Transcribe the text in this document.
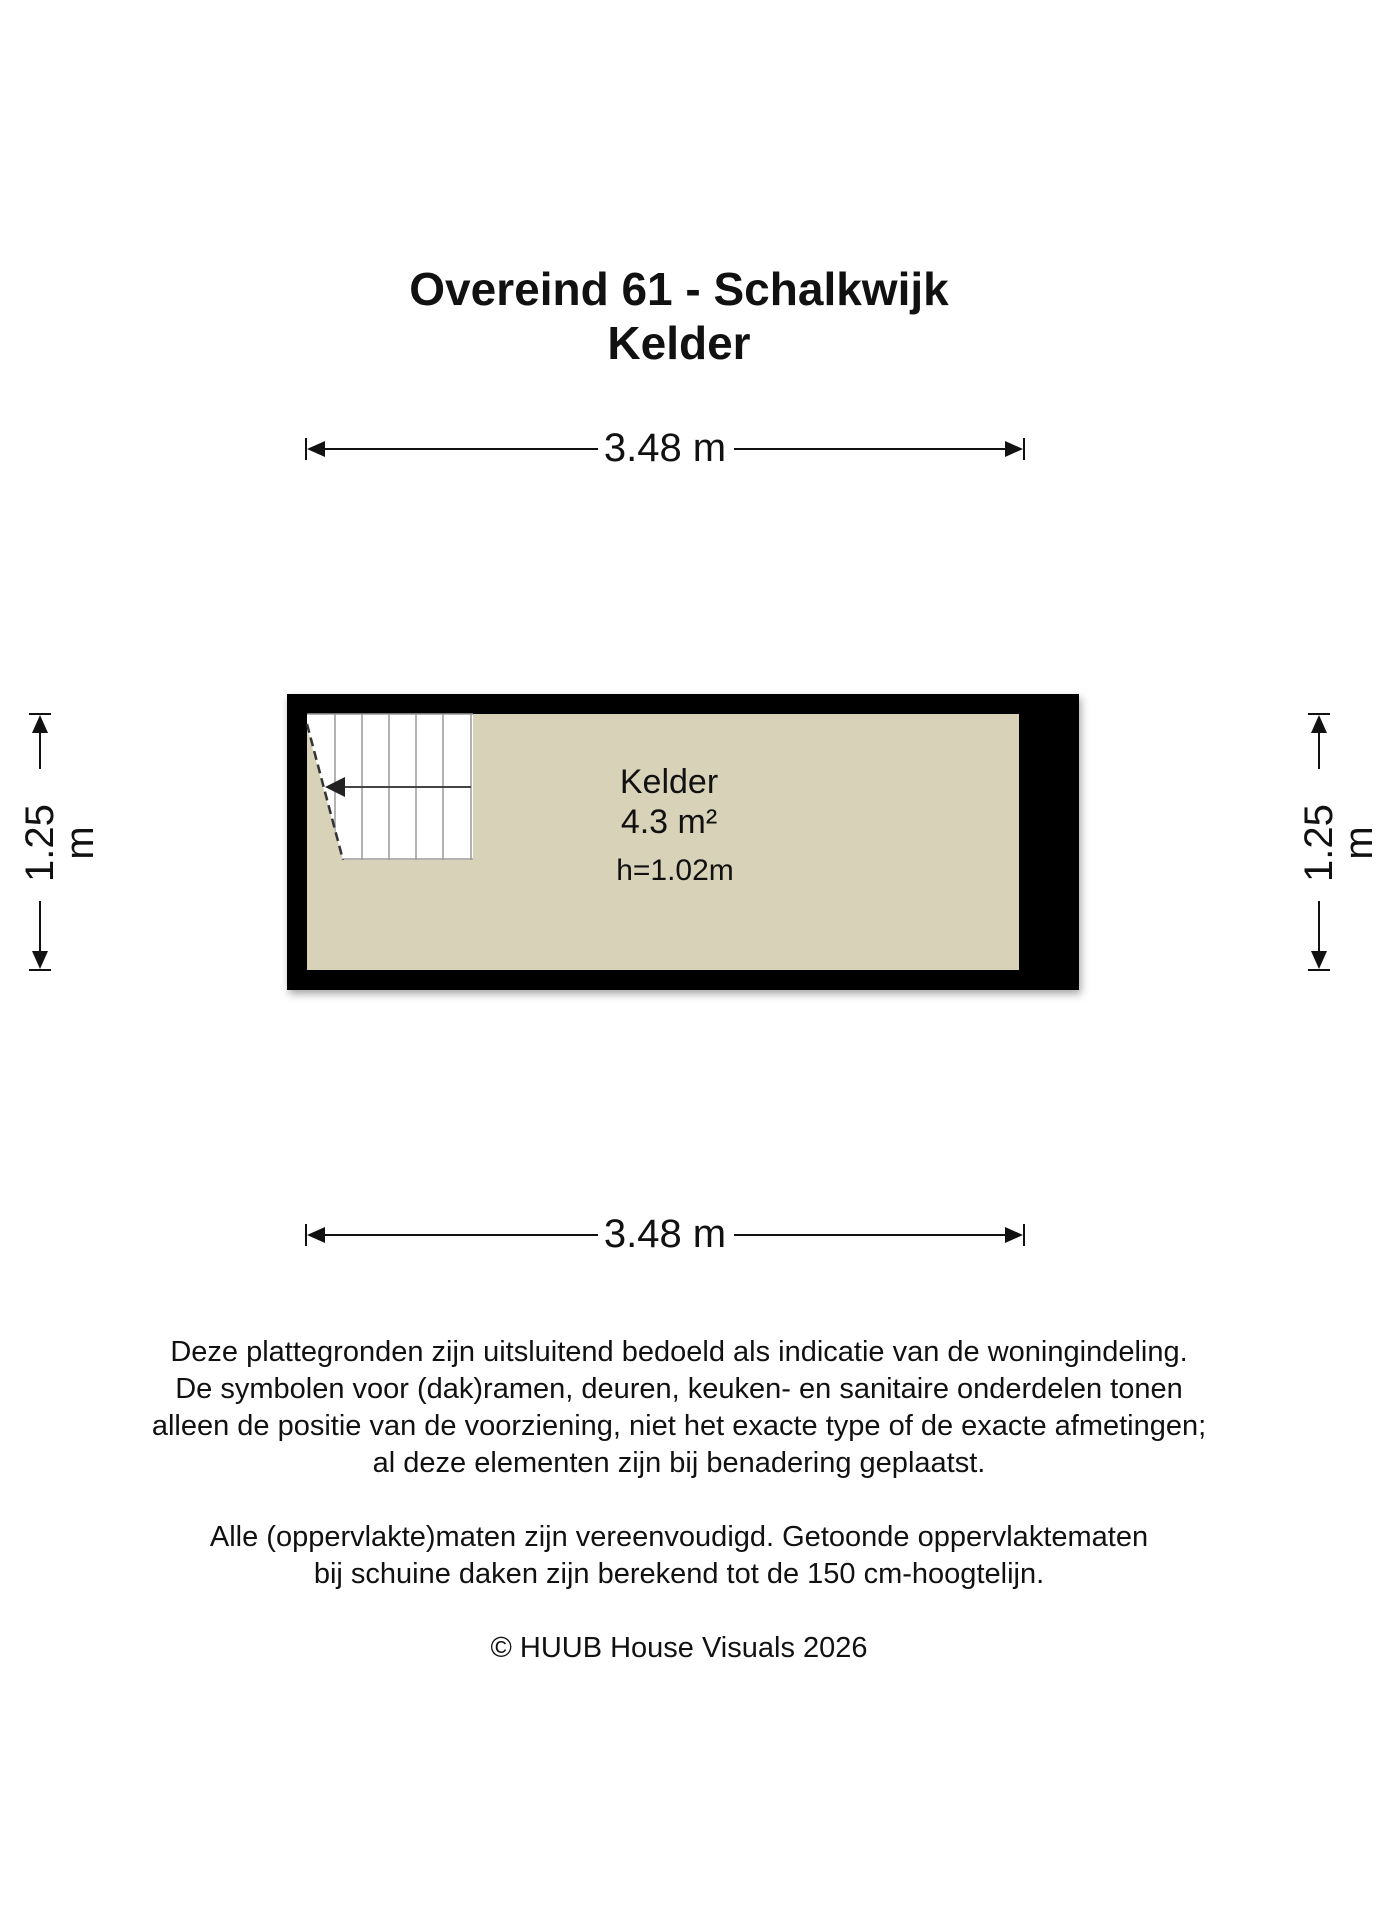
Overeind 61 - Schalkwijk
Kelder
3.48 m
1.25 m	1.25 m
Kelder
4.3 m²
h=1.02m
3.48 m

Deze plattegronden zijn uitsluitend bedoeld als indicatie van de woningindeling.

De symbolen voor (dak)ramen, deuren, keuken- en sanitaire onderdelen tonen

alleen de positie van de voorziening, niet het exacte type of de exacte afmetingen;

al deze elementen zijn bij benadering geplaatst.

Alle (oppervlakte)maten zijn vereenvoudigd. Getoonde oppervlaktematen

bij schuine daken zijn berekend tot de 150 cm-hoogtelijn.

© HUUB House Visuals 2026
